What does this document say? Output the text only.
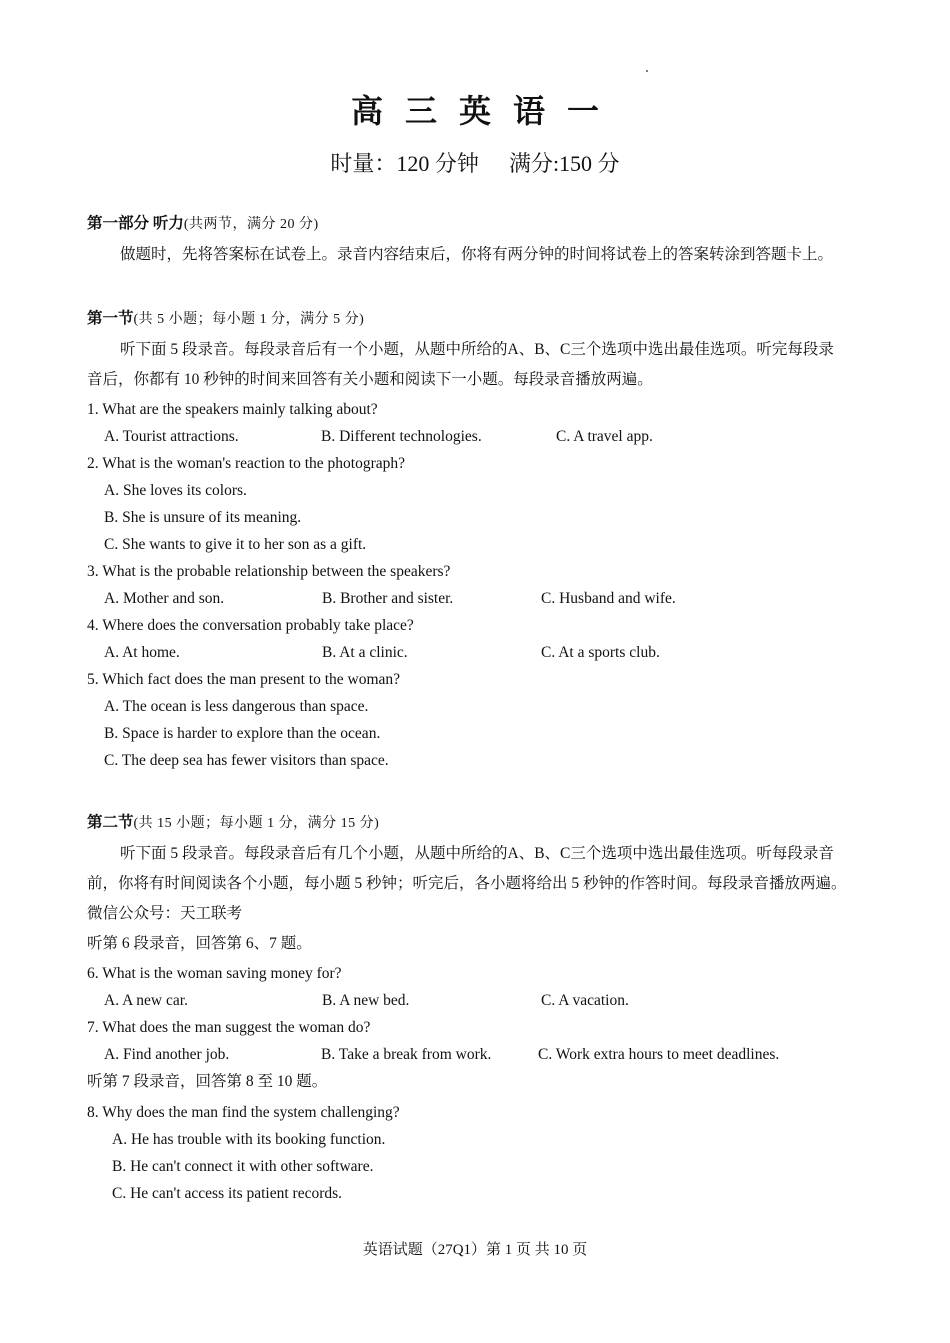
高三英语一
时量：120 分钟 满分:150 分
第一部分 听力(共两节，满分 20 分)
做题时，先将答案标在试卷上。录音内容结束后，你将有两分钟的时间将试卷上的答案转涂到答题卡上。
第一节(共 5 小题；每小题 1 分，满分 5 分)
听下面 5 段录音。每段录音后有一个小题，从题中所给的A、B、C三个选项中选出最佳选项。听完每段录音后，你都有 10 秒钟的时间来回答有关小题和阅读下一小题。每段录音播放两遍。
1. What are the speakers mainly talking about?
A. Tourist attractions.	B. Different technologies.	C. A travel app.
2. What is the woman's reaction to the photograph?
A. She loves its colors.
B. She is unsure of its meaning.
C. She wants to give it to her son as a gift.
3. What is the probable relationship between the speakers?
A. Mother and son.	B. Brother and sister.	C. Husband and wife.
4. Where does the conversation probably take place?
A. At home.	B. At a clinic.	C. At a sports club.
5. Which fact does the man present to the woman?
A. The ocean is less dangerous than space.
B. Space is harder to explore than the ocean.
C. The deep sea has fewer visitors than space.
第二节(共 15 小题；每小题 1 分，满分 15 分)
听下面 5 段录音。每段录音后有几个小题，从题中所给的A、B、C三个选项中选出最佳选项。听每段录音前，你将有时间阅读各个小题，每小题 5 秒钟；听完后，各小题将给出 5 秒钟的作答时间。每段录音播放两遍。微信公众号：天工联考
听第 6 段录音，回答第 6、7 题。
6. What is the woman saving money for?
A. A new car.	B. A new bed.	C. A vacation.
7. What does the man suggest the woman do?
A. Find another job.	B. Take a break from work.	C. Work extra hours to meet deadlines.
听第 7 段录音，回答第 8 至 10 题。
8. Why does the man find the system challenging?
A. He has trouble with its booking function.
B. He can't connect it with other software.
C. He can't access its patient records.
英语试题（27Q1）第 1 页 共 10 页
